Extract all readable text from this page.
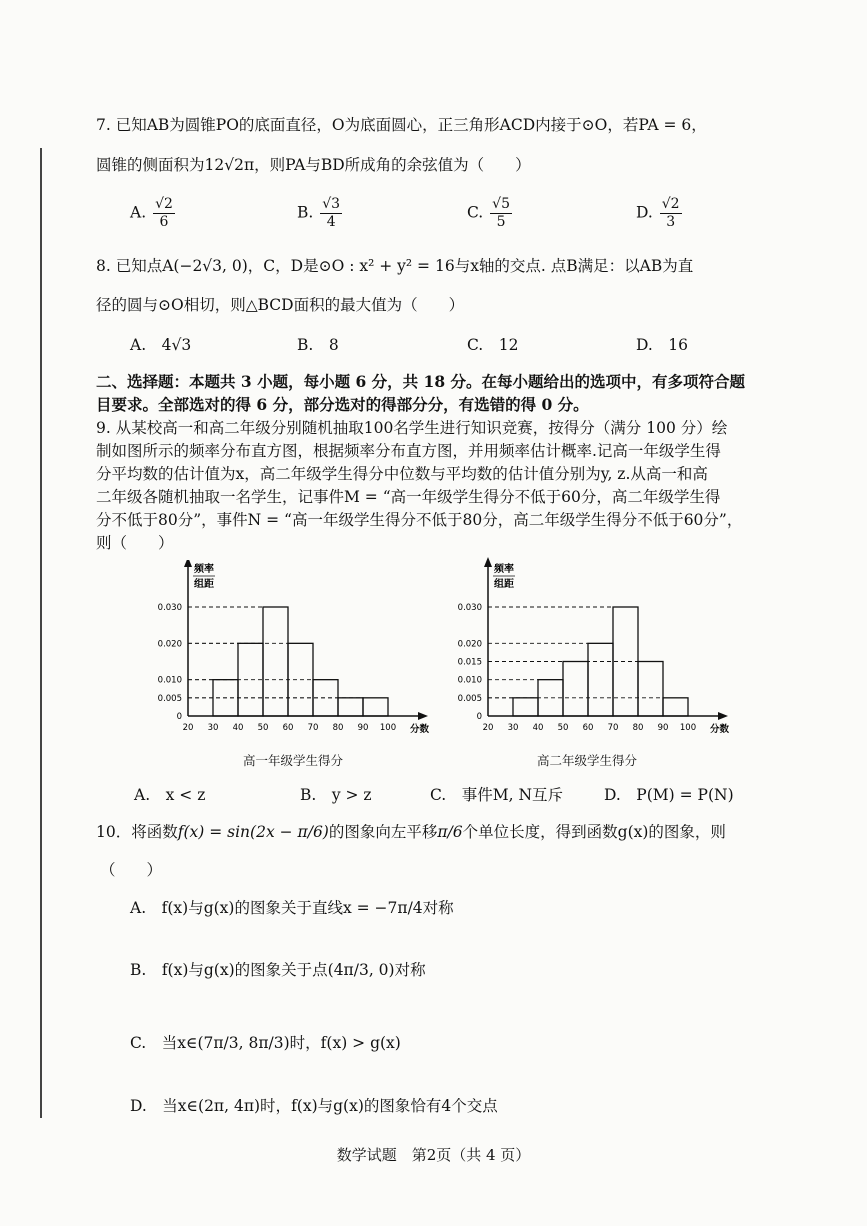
7. 已知AB为圆锥PO的底面直径，O为底面圆心，正三角形ACD内接于⊙O，若PA = 6，
圆锥的侧面积为12√2π，则PA与BD所成角的余弦值为（　　）
A. $\frac{√2}{6}$	B. $\frac{√3}{4}$	C. $\frac{√5}{5}$	D. $\frac{√2}{3}$
8. 已知点A(−2√3, 0)，C，D是⊙O : x² + y² = 16与x轴的交点. 点B满足：以AB为直
径的圆与⊙O相切，则△BCD面积的最大值为（　　）
A.　4√3	B.　8	C.　12	D.　16
二、选择题：本题共 3 小题，每小题 6 分，共 18 分。在每小题给出的选项中，有多项符合题
目要求。全部选对的得 6 分，部分选对的得部分分，有选错的得 0 分。
9. 从某校高一和高二年级分别随机抽取100名学生进行知识竞赛，按得分（满分 100 分）绘
制如图所示的频率分布直方图，根据频率分布直方图，并用频率估计概率.记高一年级学生得
分平均数的估计值为x，高二年级学生得分中位数与平均数的估计值分别为y, z.从高一和高
二年级各随机抽取一名学生，记事件M = “高一年级学生得分不低于60分，高二年级学生得
分不低于80分”，事件N = “高一年级学生得分不低于80分，高二年级学生得分不低于60分”，
则（　　）
频率
组距
0.030
0.020
0.010
0.005
0
20 30 40 50 60 70 80 90 100 分数
频率
组距
0.030
0.020
0.015
0.010
0.005
0
20 30 40 50 60 70 80 90 100 分数
高一年级学生得分	高二年级学生得分
A.　x < z	B.　y > z	C.　事件M, N互斥	D.　P(M) = P(N)
10．将函数f(x) = sin(2x − π/6)的图象向左平移π/6个单位长度，得到函数g(x)的图象，则
（　　）
A.　f(x)与g(x)的图象关于直线x = −7π/4对称
B.　f(x)与g(x)的图象关于点(4π/3, 0)对称
C.　当x∈(7π/3, 8π/3)时，f(x) > g(x)
D.　当x∈(2π, 4π)时，f(x)与g(x)的图象恰有4个交点
数学试题　第2页（共 4 页）
